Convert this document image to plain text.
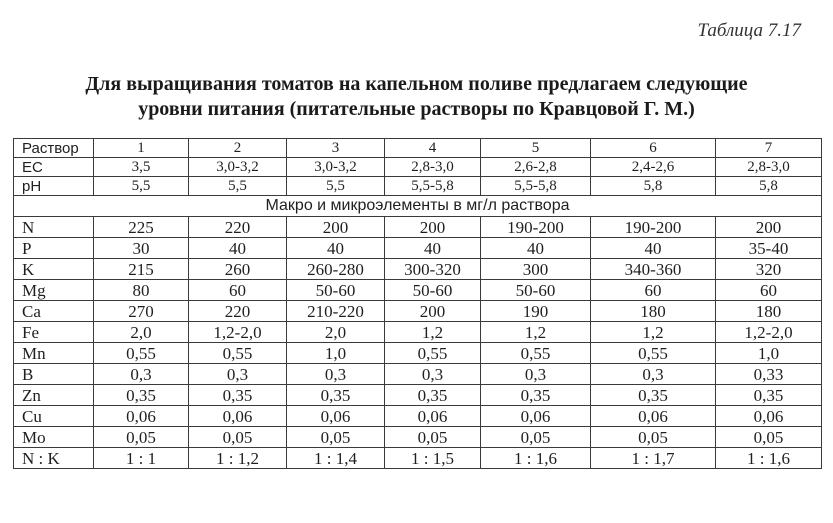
Таблица 7.17
Для выращивания томатов на капельном поливе предлагаем следующие
уровни питания (питательные растворы по Кравцовой Г. М.)
Раствор	1	2	3	4	5	6	7
EC	3,5	3,0-3,2	3,0-3,2	2,8-3,0	2,6-2,8	2,4-2,6	2,8-3,0
pH	5,5	5,5	5,5	5,5-5,8	5,5-5,8	5,8	5,8
Макро и микроэлементы в мг/л раствора							
N	225	220	200	200	190-200	190-200	200
P	30	40	40	40	40	40	35-40
K	215	260	260-280	300-320	300	340-360	320
Mg	80	60	50-60	50-60	50-60	60	60
Ca	270	220	210-220	200	190	180	180
Fe	2,0	1,2-2,0	2,0	1,2	1,2	1,2	1,2-2,0
Mn	0,55	0,55	1,0	0,55	0,55	0,55	1,0
B	0,3	0,3	0,3	0,3	0,3	0,3	0,33
Zn	0,35	0,35	0,35	0,35	0,35	0,35	0,35
Cu	0,06	0,06	0,06	0,06	0,06	0,06	0,06
Mo	0,05	0,05	0,05	0,05	0,05	0,05	0,05
N : K	1 : 1	1 : 1,2	1 : 1,4	1 : 1,5	1 : 1,6	1 : 1,7	1 : 1,6
